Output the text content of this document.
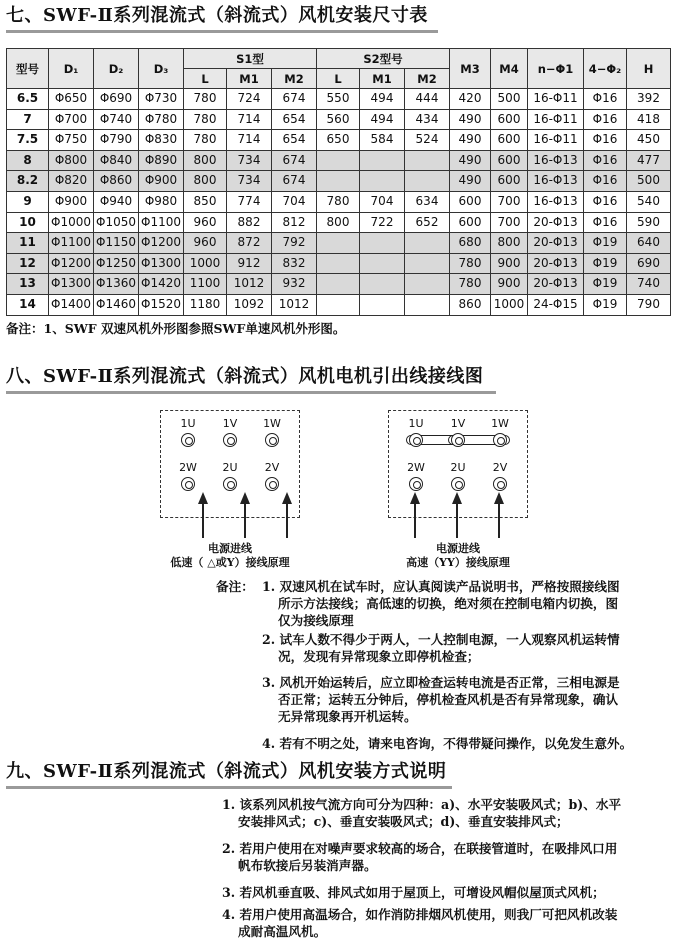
七、SWF-Ⅱ系列混流式（斜流式）风机安装尺寸表
型号	D₁	D₂	D₃	S1型			S2型号			M3	M4	n−Φ1	4−Φ₂	H
				L	M1	M2	L	M1	M2					
6.5	Φ650	Φ690	Φ730	780	724	674	550	494	444	420	500	16-Φ11	Φ16	392
7	Φ700	Φ740	Φ780	780	714	654	560	494	434	490	600	16-Φ11	Φ16	418
7.5	Φ750	Φ790	Φ830	780	714	654	650	584	524	490	600	16-Φ11	Φ16	450
8	Φ800	Φ840	Φ890	800	734	674				490	600	16-Φ13	Φ16	477
8.2	Φ820	Φ860	Φ900	800	734	674				490	600	16-Φ13	Φ16	500
9	Φ900	Φ940	Φ980	850	774	704	780	704	634	600	700	16-Φ13	Φ16	540
10	Φ1000	Φ1050	Φ1100	960	882	812	800	722	652	600	700	20-Φ13	Φ16	590
11	Φ1100	Φ1150	Φ1200	960	872	792				680	800	20-Φ13	Φ19	640
12	Φ1200	Φ1250	Φ1300	1000	912	832				780	900	20-Φ13	Φ19	690
13	Φ1300	Φ1360	Φ1420	1100	1012	932				780	900	20-Φ13	Φ19	740
14	Φ1400	Φ1460	Φ1520	1180	1092	1012				860	1000	24-Φ15	Φ19	790
备注：1、SWF 双速风机外形图参照SWF单速风机外形图。
八、SWF-Ⅱ系列混流式（斜流式）风机电机引出线接线图
1U	1V	1W
2W	2U	2V
电源进线
低速（ △或Y）接线原理
1U	1V	1W
2W	2U	2V
电源进线
高速（YY）接线原理
备注： 1. 双速风机在试车时，应认真阅读产品说明书，严格按照接线图
所示方法接线；高低速的切换，绝对须在控制电箱内切换，图
仅为接线原理
2. 试车人数不得少于两人，一人控制电源，一人观察风机运转情
况，发现有异常现象立即停机检查；
3. 风机开始运转后，应立即检查运转电流是否正常，三相电源是
否正常；运转五分钟后，停机检查风机是否有异常现象，确认
无异常现象再开机运转。
4. 若有不明之处，请来电咨询，不得带疑问操作，以免发生意外。
九、SWF-Ⅱ系列混流式（斜流式）风机安装方式说明
1. 该系列风机按气流方向可分为四种：a)、水平安装吸风式；b)、水平
安装排风式；c)、垂直安装吸风式；d)、垂直安装排风式；
2. 若用户使用在对噪声要求较高的场合，在联接管道时，在吸排风口用
帆布软接后另装消声器。
3. 若风机垂直吸、排风式如用于屋顶上，可增设风帽似屋顶式风机；
4. 若用户使用高温场合，如作消防排烟风机使用，则我厂可把风机改装
成耐高温风机。
